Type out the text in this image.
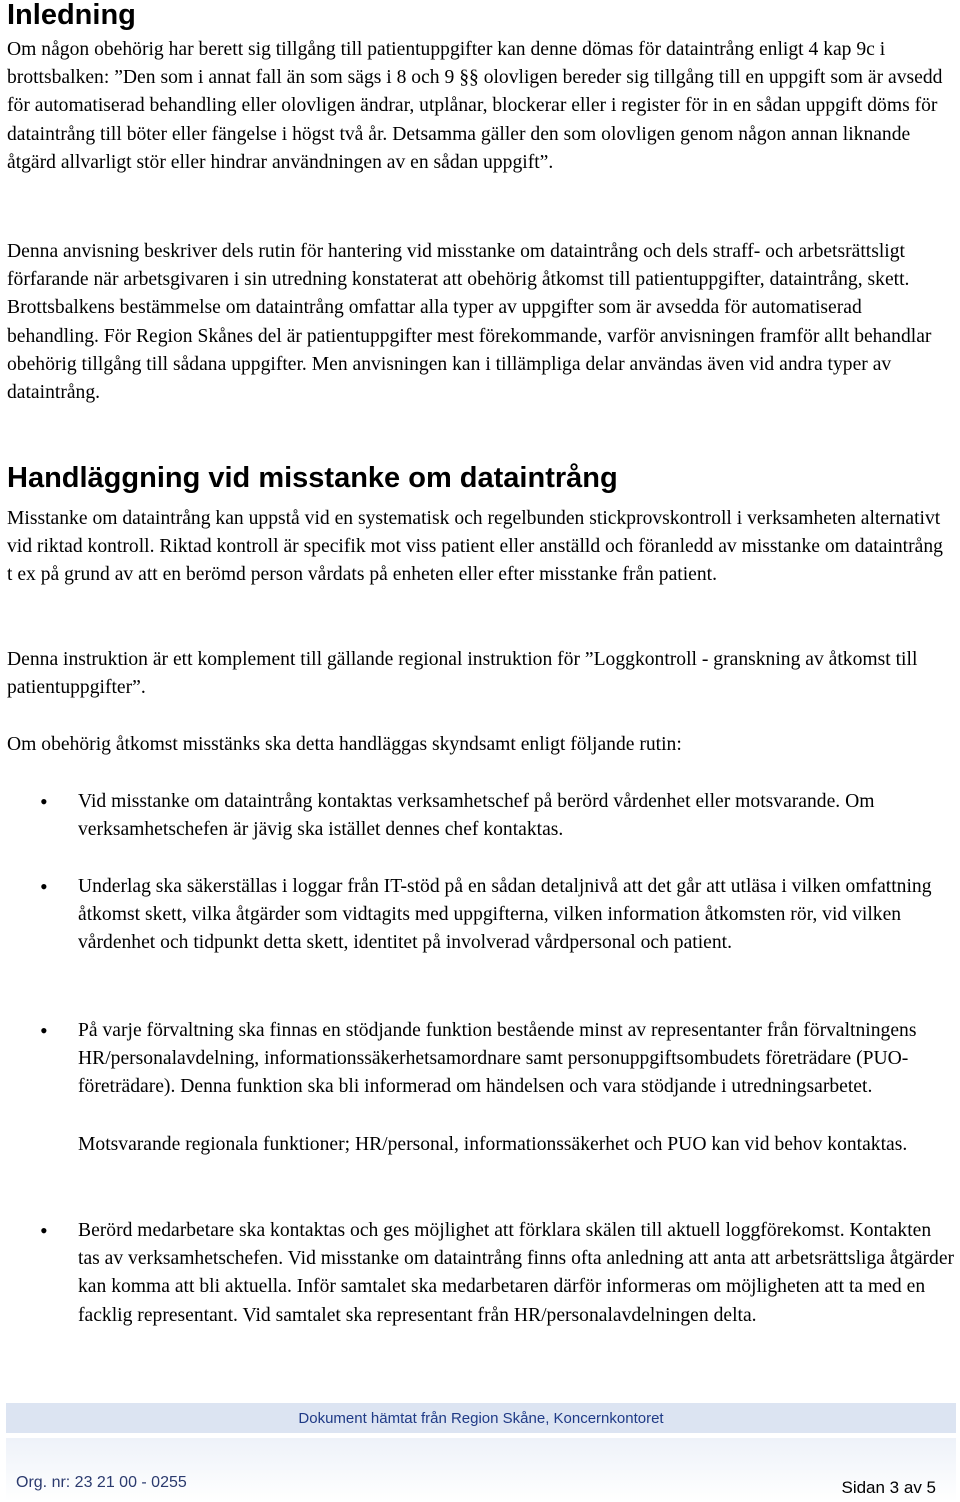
Inledning

Om någon obehörig har berett sig tillgång till patientuppgifter kan denne dömas för dataintrång enligt 4 kap 9c i brottsbalken: ”Den som i annat fall än som sägs i 8 och 9 §§ olovligen bereder sig tillgång till en uppgift som är avsedd för automatiserad behandling eller olovligen ändrar, utplånar, blockerar eller i register för in en sådan uppgift döms för dataintrång till böter eller fängelse i högst två år. Detsamma gäller den som olovligen genom någon annan liknande åtgärd allvarligt stör eller hindrar användningen av en sådan uppgift”.

Denna anvisning beskriver dels rutin för hantering vid misstanke om dataintrång och dels straff- och arbetsrättsligt förfarande när arbetsgivaren i sin utredning konstaterat att obehörig åtkomst till patientuppgifter, dataintrång, skett. Brottsbalkens bestämmelse om dataintrång omfattar alla typer av uppgifter som är avsedda för automatiserad behandling. För Region Skånes del är patientuppgifter mest förekommande, varför anvisningen framför allt behandlar obehörig tillgång till sådana uppgifter. Men anvisningen kan i tillämpliga delar användas även vid andra typer av dataintrång.

Handläggning vid misstanke om dataintrång

Misstanke om dataintrång kan uppstå vid en systematisk och regelbunden stickprovskontroll i verksamheten alternativt vid riktad kontroll. Riktad kontroll är specifik mot viss patient eller anställd och föranledd av misstanke om dataintrång t ex på grund av att en berömd person vårdats på enheten eller efter misstanke från patient.

Denna instruktion är ett komplement till gällande regional instruktion för ”Loggkontroll - granskning av åtkomst till patientuppgifter”.

Om obehörig åtkomst misstänks ska detta handläggas skyndsamt enligt följande rutin:

• Vid misstanke om dataintrång kontaktas verksamhetschef på berörd vårdenhet eller motsvarande. Om verksamhetschefen är jävig ska istället dennes chef kontaktas.

• Underlag ska säkerställas i loggar från IT-stöd på en sådan detaljnivå att det går att utläsa i vilken omfattning åtkomst skett, vilka åtgärder som vidtagits med uppgifterna, vilken information åtkomsten rör, vid vilken vårdenhet och tidpunkt detta skett, identitet på involverad vårdpersonal och patient.

• På varje förvaltning ska finnas en stödjande funktion bestående minst av representanter från förvaltningens HR/personalavdelning, informationssäkerhetsamordnare samt personuppgiftsombudets företrädare (PUO-företrädare). Denna funktion ska bli informerad om händelsen och vara stödjande i utredningsarbetet.

Motsvarande regionala funktioner; HR/personal, informationssäkerhet och PUO kan vid behov kontaktas.

• Berörd medarbetare ska kontaktas och ges möjlighet att förklara skälen till aktuell loggförekomst. Kontakten tas av verksamhetschefen. Vid misstanke om dataintrång finns ofta anledning att anta att arbetsrättsliga åtgärder kan komma att bli aktuella. Inför samtalet ska medarbetaren därför informeras om möjligheten att ta med en facklig representant. Vid samtalet ska representant från HR/personalavdelningen delta.

Dokument hämtat från Region Skåne, Koncernkontoret
Org. nr: 23 21 00 - 0255	Sidan 3 av 5
